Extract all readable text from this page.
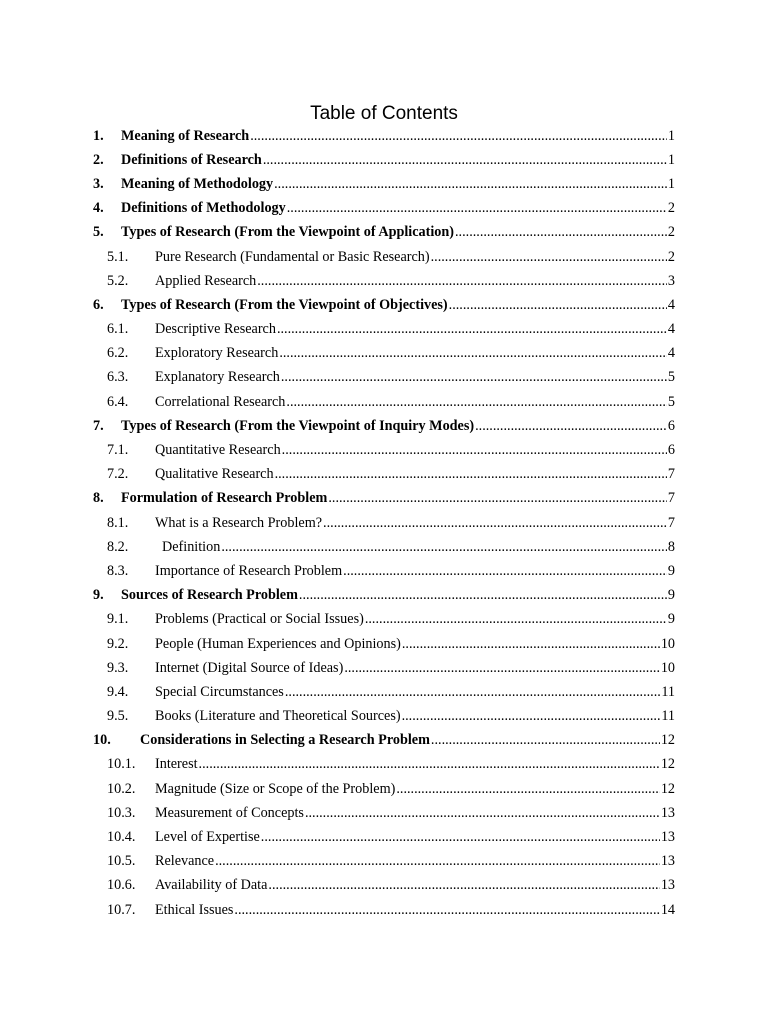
Table of Contents
1.	Meaning of Research .....	1
2.	Definitions of Research .....	1
3.	Meaning of Methodology .....	1
4.	Definitions of Methodology .....	2
5.	Types of Research (From the Viewpoint of Application) .....	2
5.1.	Pure Research (Fundamental or Basic Research) .....	2
5.2.	Applied Research .....	3
6.	Types of Research (From the Viewpoint of Objectives) .....	4
6.1.	Descriptive Research .....	4
6.2.	Exploratory Research .....	4
6.3.	Explanatory Research .....	5
6.4.	Correlational Research .....	5
7.	Types of Research (From the Viewpoint of Inquiry Modes) .....	6
7.1.	Quantitative Research .....	6
7.2.	Qualitative Research .....	7
8.	Formulation of Research Problem .....	7
8.1.	What is a Research Problem? .....	7
8.2.	Definition .....	8
8.3.	Importance of Research Problem .....	9
9.	Sources of Research Problem .....	9
9.1.	Problems (Practical or Social Issues) .....	9
9.2.	People (Human Experiences and Opinions) .....	10
9.3.	Internet (Digital Source of Ideas) .....	10
9.4.	Special Circumstances .....	11
9.5.	Books (Literature and Theoretical Sources) .....	11
10.	Considerations in Selecting a Research Problem .....	12
10.1.	Interest .....	12
10.2.	Magnitude (Size or Scope of the Problem) .....	12
10.3.	Measurement of Concepts .....	13
10.4.	Level of Expertise .....	13
10.5.	Relevance .....	13
10.6.	Availability of Data .....	13
10.7.	Ethical Issues .....	14
